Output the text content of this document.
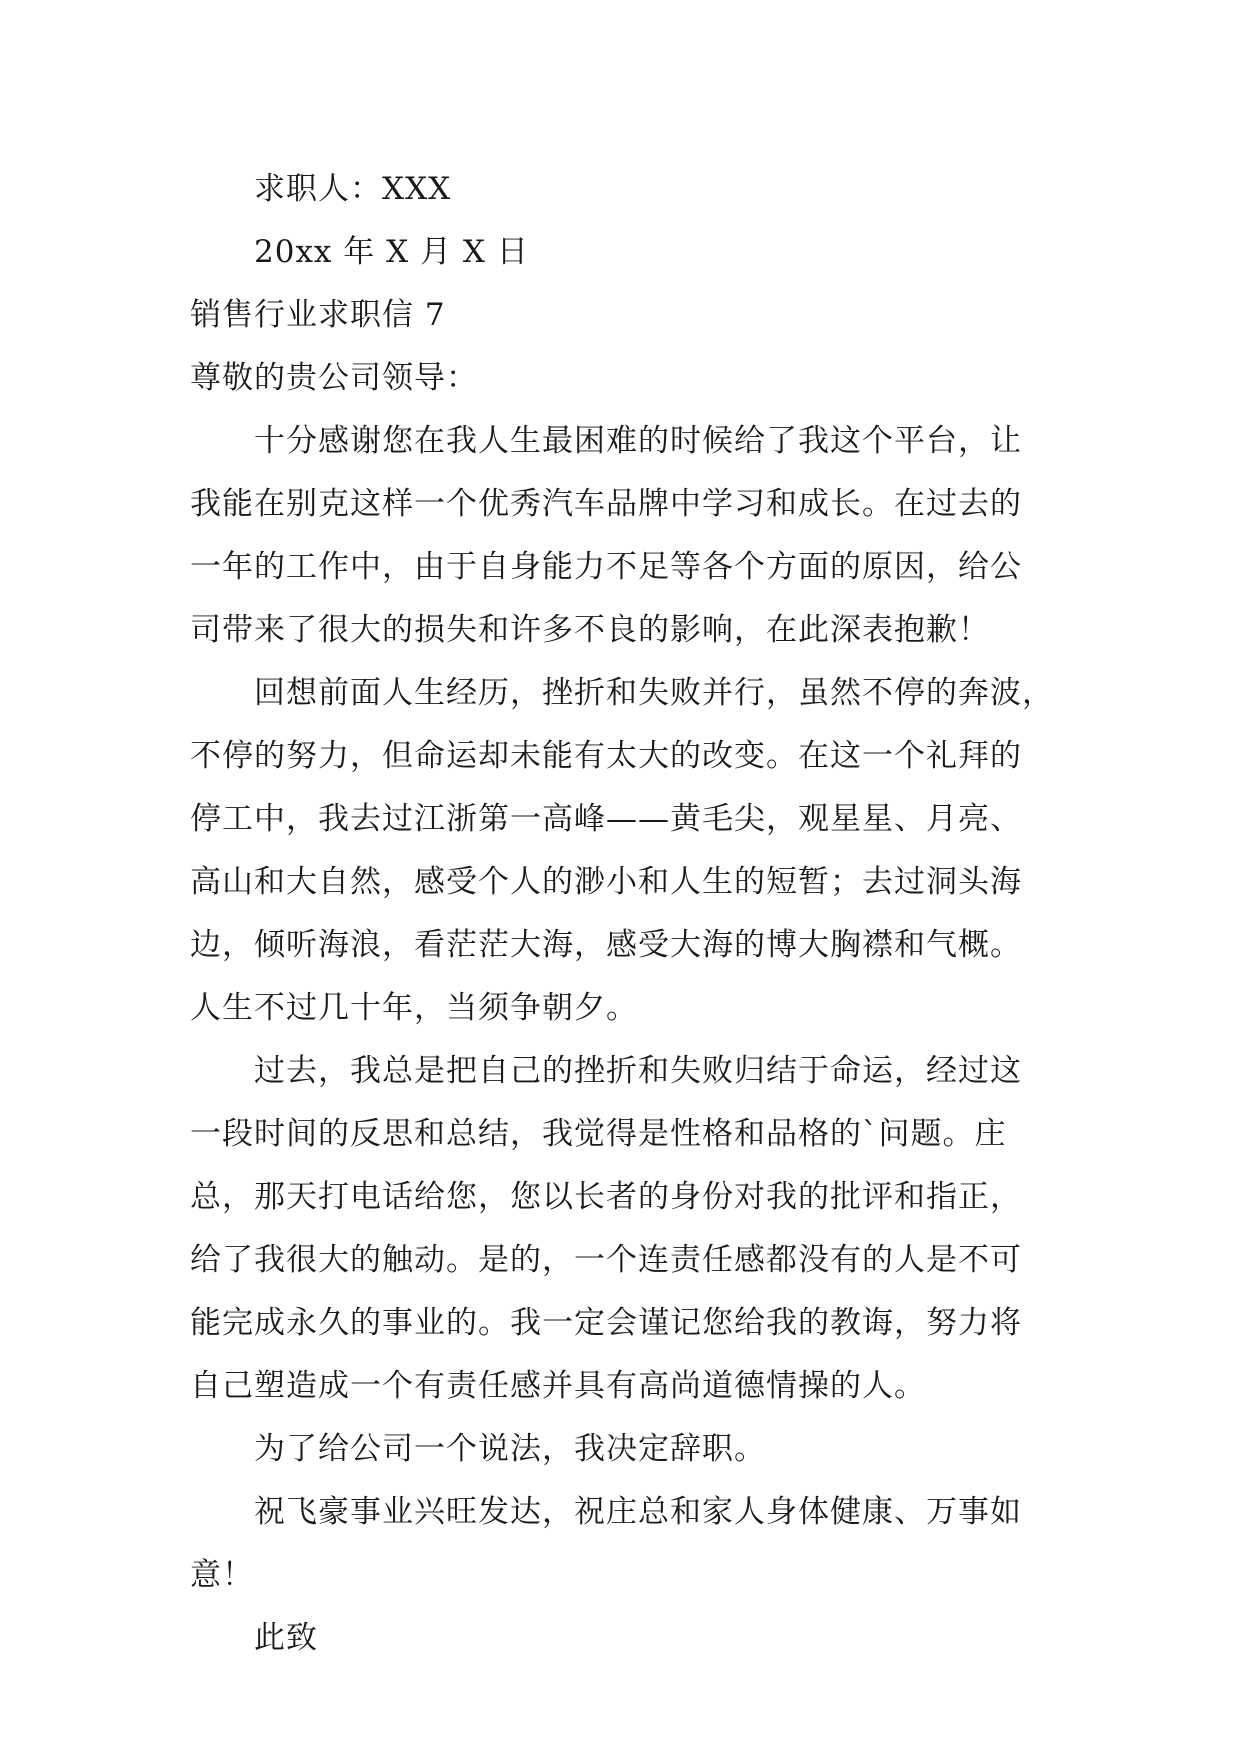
求职人：XXX
20xx 年 X 月 X 日
销售行业求职信 7
尊敬的贵公司领导：
十分感谢您在我人生最困难的时候给了我这个平台，让
我能在别克这样一个优秀汽车品牌中学习和成长。在过去的
一年的工作中，由于自身能力不足等各个方面的原因，给公
司带来了很大的损失和许多不良的影响，在此深表抱歉！
回想前面人生经历，挫折和失败并行，虽然不停的奔波，
不停的努力，但命运却未能有太大的改变。在这一个礼拜的
停工中，我去过江浙第一高峰——黄毛尖，观星星、月亮、
高山和大自然，感受个人的渺小和人生的短暂；去过洞头海
边，倾听海浪，看茫茫大海，感受大海的博大胸襟和气概。
人生不过几十年，当须争朝夕。
过去，我总是把自己的挫折和失败归结于命运，经过这
一段时间的反思和总结，我觉得是性格和品格的`问题。庄
总，那天打电话给您，您以长者的身份对我的批评和指正，
给了我很大的触动。是的，一个连责任感都没有的人是不可
能完成永久的事业的。我一定会谨记您给我的教诲，努力将
自己塑造成一个有责任感并具有高尚道德情操的人。
为了给公司一个说法，我决定辞职。
祝飞豪事业兴旺发达，祝庄总和家人身体健康、万事如
意！
此致
